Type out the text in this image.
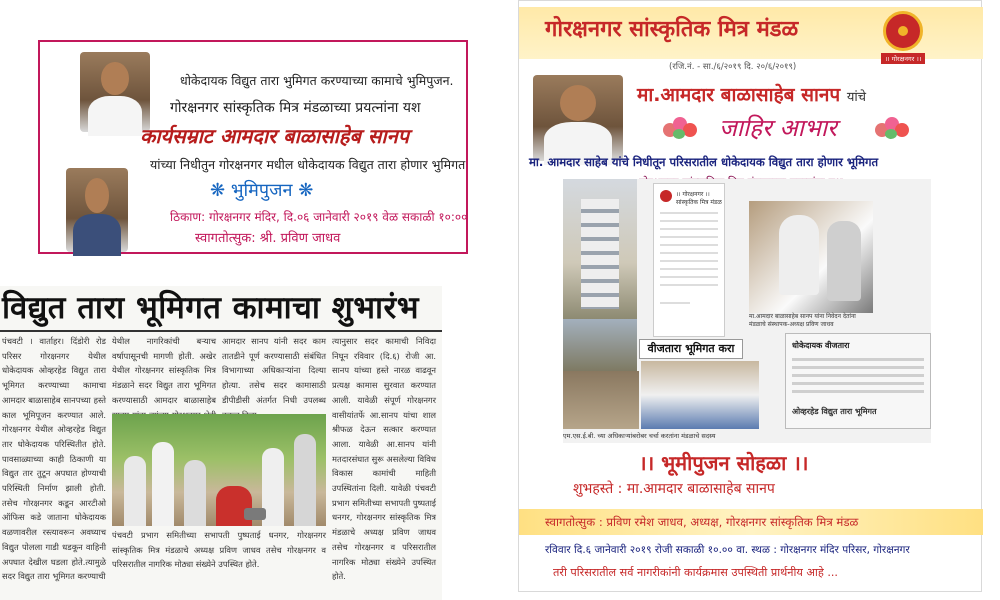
धोकेदायक विद्युत तारा भुमिगत करण्याच्या कामाचे भुमिपुजन.
गोरक्षनगर सांस्कृतिक मित्र मंडळाच्या प्रयत्नांना यश
कार्यसम्राट आमदार बाळासाहेब सानप
यांच्या निधीतुन गोरक्षनगर मधील धोकेदायक विद्युत तारा होणार भुमिगत
❋ भुमिपुजन ❋
ठिकाण: गोरक्षनगर मंदिर, दि.०६ जानेवारी २०१९ वेळ सकाळी १०:००
स्वागतोत्सुक: श्री. प्रविण जाधव
विद्युत तारा भूमिगत कामाचा शुभारंभ
पंचवटी । वार्ताहर। दिंडोरी रोड परिसर गोरक्षनगर येथील धोकेदायक ओव्हरहेड विद्युत तारा भूमिगत करण्याच्या कामाचा आमदार बाळासाहेब सानपच्या हस्ते काल भूमिपूजन करण्यात आले. गोरक्षनगर येथील ओव्हरहेड विद्युत तार धोकेदायक परिस्थितीत होते. पावसाळ्याच्या काही ठिकाणी या विद्युत तार तुटून अपघात होण्याची परिस्थिती निर्माण झाली होती. तसेच गोरक्षनगर कडून आरटीओ ऑफिस कडे जाताना धोकेदायक वळणावरील रस्त्यावरून अवघ्याच विद्युत पोलला गाडी धडकून वाहिनी अपघात देखील घडला होते.त्यामुळे सदर विद्युत तारा भूमिगत करण्याची
येथील नागरिकांची बऱ्याच वर्षापासूनची मागणी होती. अखेर येथील गोरक्षनगर सांस्कृतिक मित्र मंडळाने सदर विद्युत तारा भूमिगत करण्यासाठी आमदार बाळासाहेब
आमदार सानप यांनी सदर काम तातडीने पूर्ण करण्यासाठी संबंधित विभागाच्या अधिकाऱ्यांना दिल्या होत्या. तसेच सदर कामासाठी डीपीडीसी अंतर्गत निधी उपलब्ध
त्यानुसार सदर कामाची निविदा निघून रविवार (दि.६) रोजी आ. सानप यांच्या हस्ते नारळ वाढवून प्रत्यक्ष कामास सुरवात करण्यात आली. यावेळी संपूर्ण गोरक्षनगर वासीयांतर्फे आ.सानप यांचा शाल श्रीफळ देऊन सत्कार करण्यात आला. यावेळी आ.सानप यांनी मतदारसंघात सुरू असलेल्या विविध विकास कामांची माहिती उपस्थितांना दिली. यावेळी पंचवटी प्रभाग समितीच्या सभापती पुष्पताई धनगर, गोरक्षनगर सांस्कृतिक मित्र मंडळाचे अध्यक्ष प्रविण जाधव तसेच गोरक्षनगर व परिसरातील नागरिक मोठ्या संख्येने उपस्थित होते.
पंचवटी प्रभाग समितीच्या सभापती पुष्पताई धनगर, गोरक्षनगर सांस्कृतिक मित्र मंडळाचे अध्यक्ष प्रविण जाधव तसेच गोरक्षनगर व परिसरातील नागरिक मोठ्या संख्येने उपस्थित होते.
गोरक्षनगर सांस्कृतिक मित्र मंडळ
(रजि.नं. - सा./६/२०१९ दि. २०/६/२०१९)
।। गोरक्षनगर ।।
मा.आमदार बाळासाहेब सानप यांचे
जाहिर आभार
मा. आमदार साहेब यांचे निधीतून परिसरातील धोकेदायक विद्युत तारा होणार भूमिगत
।। गोरक्षनगर ।।
सांस्कृतिक मित्र मंडळ
मा.आमदार बाळासाहेब सानप यांना निवेदन देतांना मंडळाचे संस्थापक-अध्यक्ष प्रविण जाधव
वीजतारा भूमिगत करा
एम.एस.ई.बी. च्या अधिकाऱ्यांबरोबर चर्चा करतांना मंडळाचे सदस्य
धोकेदायक वीजतारा
ओव्हरहेड विद्युत तारा भूमिगत
।। भूमीपुजन सोहळा ।।
शुभहस्ते : मा.आमदार बाळासाहेब सानप
स्वागतोत्सुक : प्रविण रमेश जाधव, अध्यक्ष, गोरक्षनगर सांस्कृतिक मित्र मंडळ
रविवार दि.६ जानेवारी २०१९ रोजी सकाळी १०.०० वा. स्थळ : गोरक्षनगर मंदिर परिसर, गोरक्षनगर
तरी परिसरातील सर्व नागरीकांनी कार्यक्रमास उपस्थिती प्रार्थनीय आहे ...
